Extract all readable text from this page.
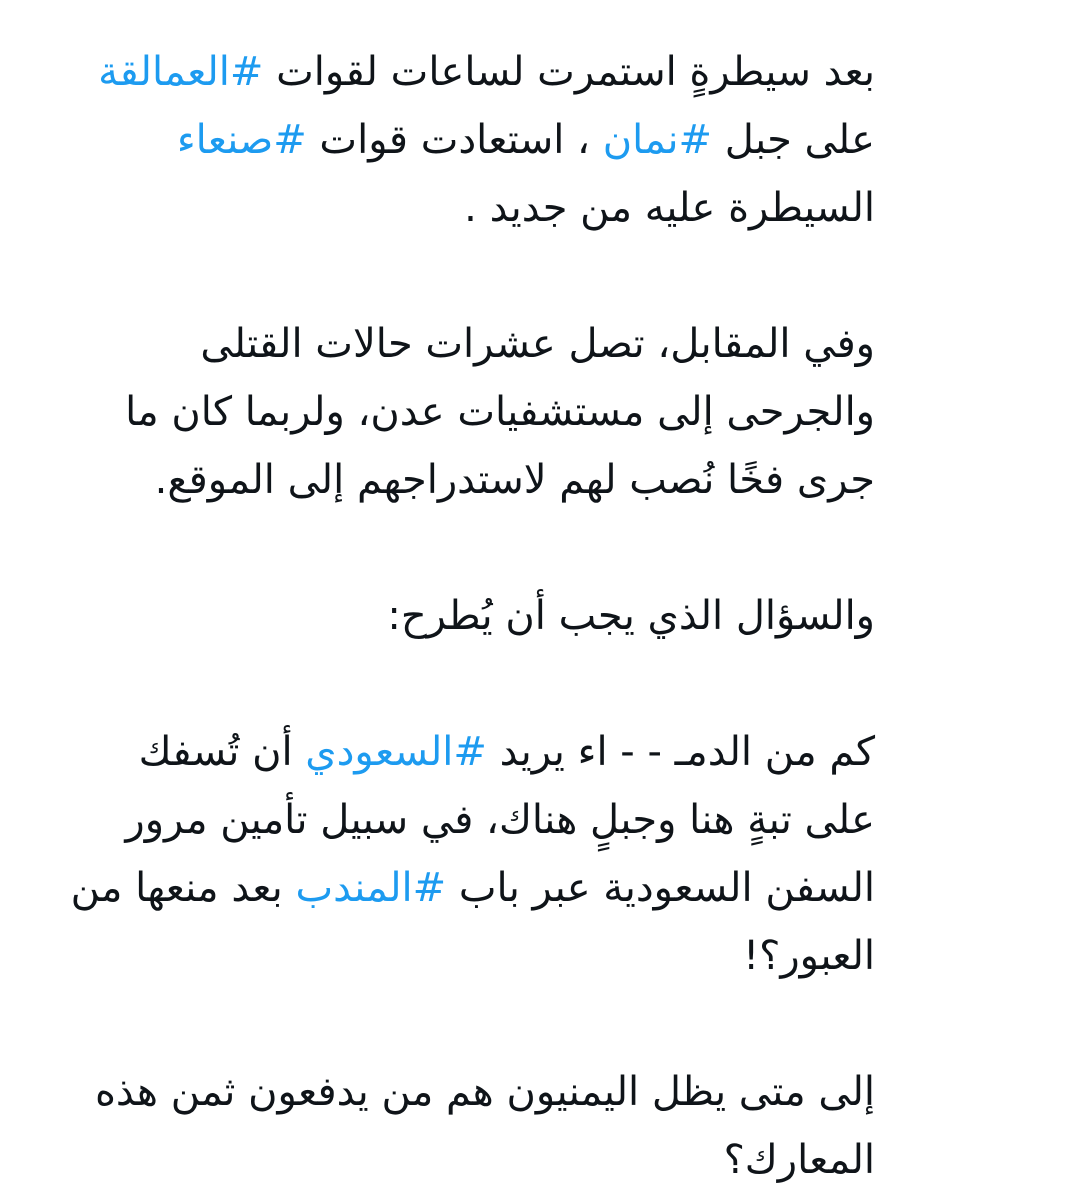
بعد سيطرةٍ استمرت لساعات لقوات #العمالقة
على جبل #نمان ، استعادت قوات #صنعاء
السيطرة عليه من جديد .
وفي المقابل، تصل عشرات حالات القتلى
والجرحى إلى مستشفيات عدن، ولربما كان ما
جرى فخًا نُصب لهم لاستدراجهم إلى الموقع.
والسؤال الذي يجب أن يُطرح:
كم من الدمـ - - اء يريد #السعودي أن تُسفك
على تبةٍ هنا وجبلٍ هناك، في سبيل تأمين مرور
السفن السعودية عبر باب #المندب بعد منعها من
العبور؟!
إلى متى يظل اليمنيون هم من يدفعون ثمن هذه
المعارك؟
